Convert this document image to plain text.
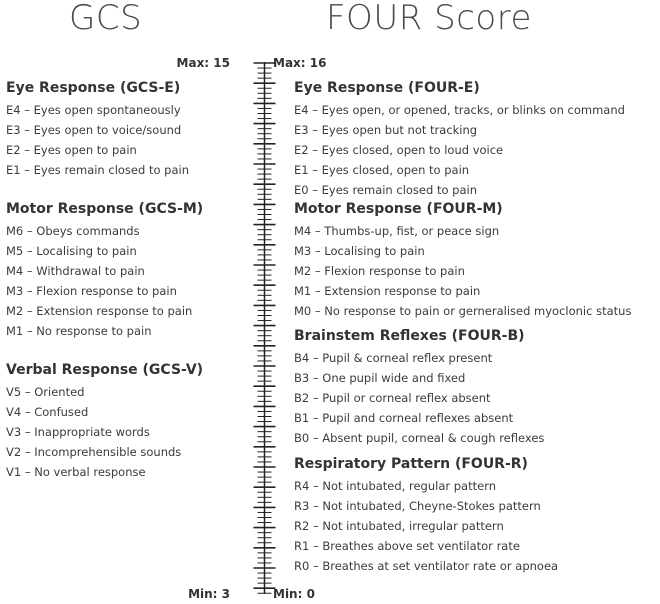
GCS	FOUR Score
Max: 15
Min: 3
Max: 16
Min: 0
Eye Response (GCS-E)
E4 – Eyes open spontaneously
E3 – Eyes open to voice/sound
E2 – Eyes open to pain
E1 – Eyes remain closed to pain
Motor Response (GCS-M)
M6 – Obeys commands
M5 – Localising to pain
M4 – Withdrawal to pain
M3 – Flexion response to pain
M2 – Extension response to pain
M1 – No response to pain
Verbal Response (GCS-V)
V5 – Oriented
V4 – Confused
V3 – Inappropriate words
V2 – Incomprehensible sounds
V1 – No verbal response
Eye Response (FOUR-E)
E4 – Eyes open, or opened, tracks, or blinks on command
E3 – Eyes open but not tracking
E2 – Eyes closed, open to loud voice
E1 – Eyes closed, open to pain
E0 – Eyes remain closed to pain
Motor Response (FOUR-M)
M4 – Thumbs-up, fist, or peace sign
M3 – Localising to pain
M2 – Flexion response to pain
M1 – Extension response to pain
M0 – No response to pain or gerneralised myoclonic status
Brainstem Reflexes (FOUR-B)
B4 – Pupil & corneal reflex present
B3 – One pupil wide and fixed
B2 – Pupil or corneal reflex absent
B1 – Pupil and corneal reflexes absent
B0 – Absent pupil, corneal & cough reflexes
Respiratory Pattern (FOUR-R)
R4 – Not intubated, regular pattern
R3 – Not intubated, Cheyne-Stokes pattern
R2 – Not intubated, irregular pattern
R1 – Breathes above set ventilator rate
R0 – Breathes at set ventilator rate or apnoea
